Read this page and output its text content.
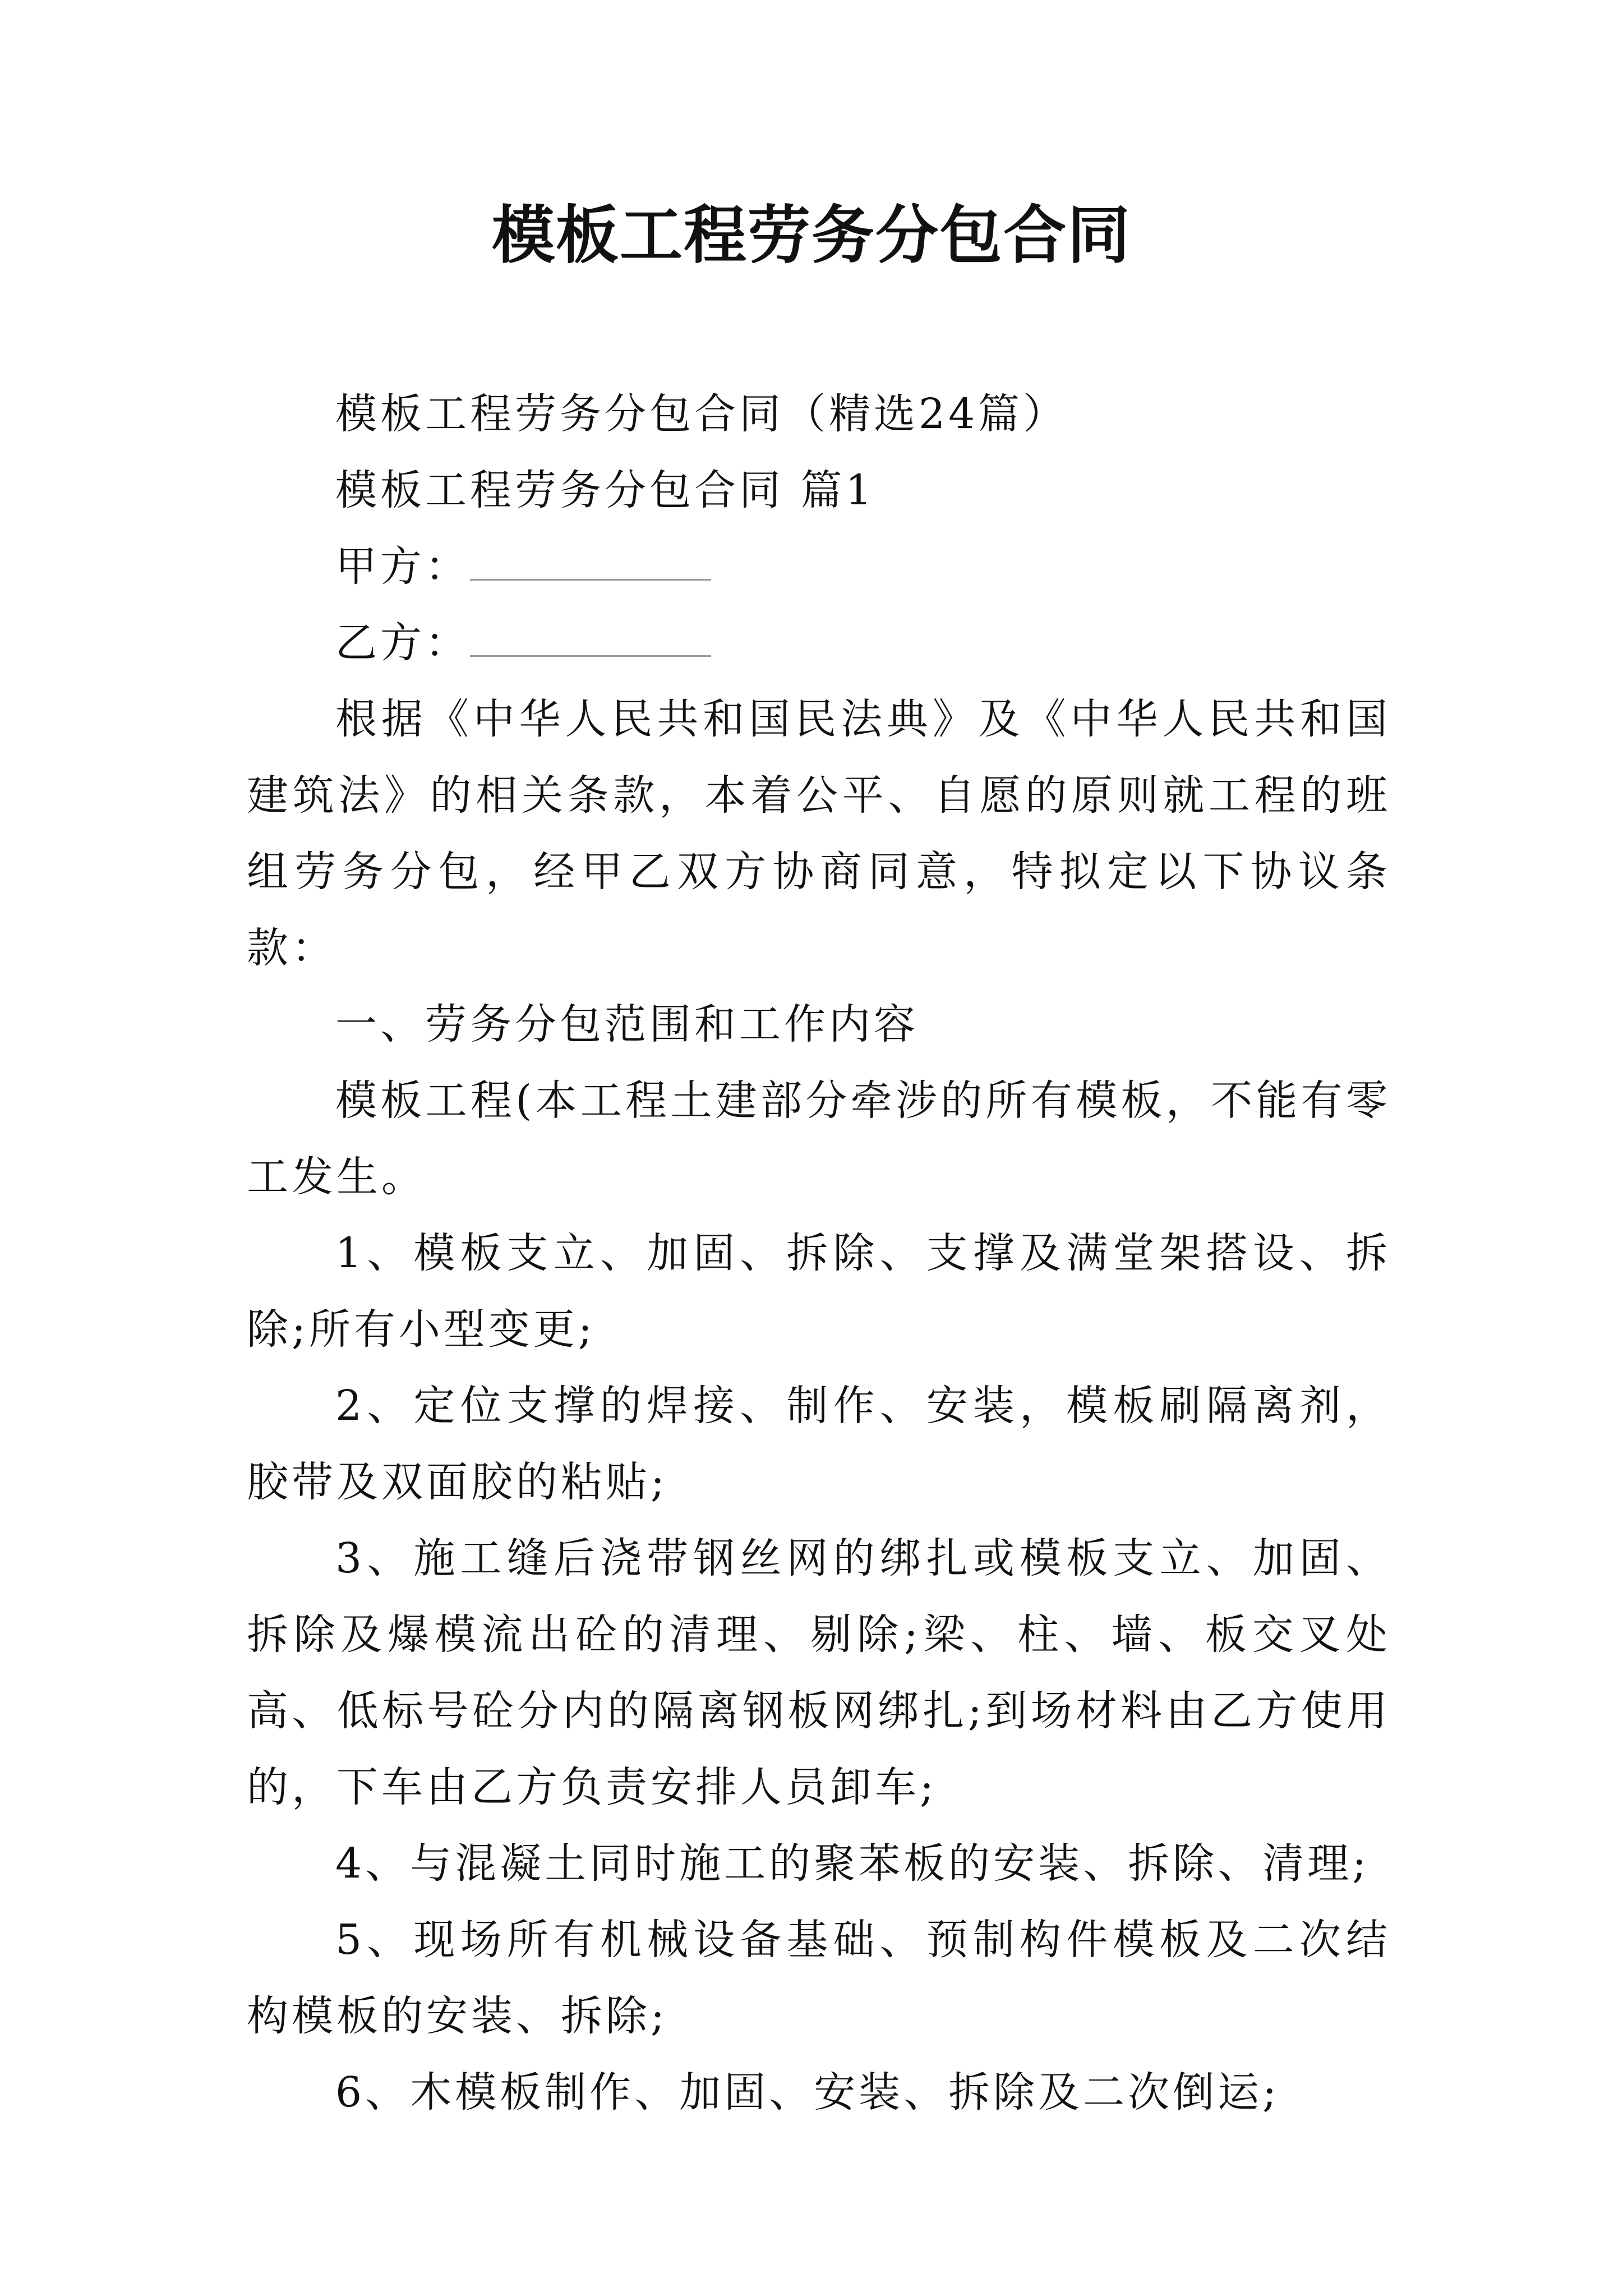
模板工程劳务分包合同

模板工程劳务分包合同（精选24篇）

模板工程劳务分包合同 篇1

甲方：

乙方：

根据《中华人民共和国民法典》及《中华人民共和国建筑法》的相关条款，本着公平、自愿的原则就工程的班组劳务分包，经甲乙双方协商同意，特拟定以下协议条款：

一、劳务分包范围和工作内容

模板工程(本工程土建部分牵涉的所有模板，不能有零工发生。

1、模板支立、加固、拆除、支撑及满堂架搭设、拆除;所有小型变更;

2、定位支撑的焊接、制作、安装，模板刷隔离剂，胶带及双面胶的粘贴;

3、施工缝后浇带钢丝网的绑扎或模板支立、加固、拆除及爆模流出砼的清理、剔除;梁、柱、墙、板交叉处高、低标号砼分内的隔离钢板网绑扎;到场材料由乙方使用的，下车由乙方负责安排人员卸车;

4、与混凝土同时施工的聚苯板的安装、拆除、清理;

5、现场所有机械设备基础、预制构件模板及二次结构模板的安装、拆除;

6、木模板制作、加固、安装、拆除及二次倒运;
